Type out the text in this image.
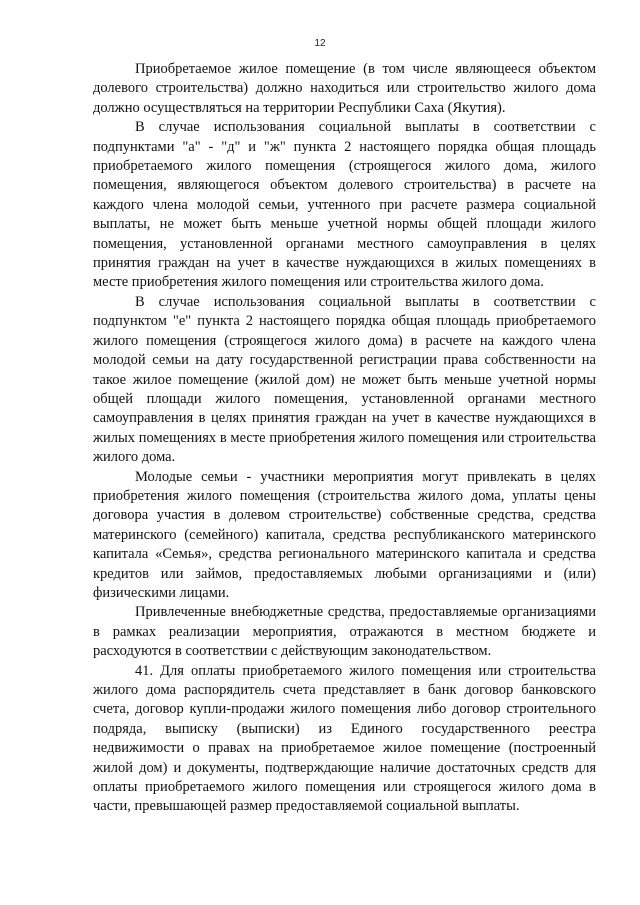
12

Приобретаемое жилое помещение (в том числе являющееся объектом долевого строительства) должно находиться или строительство жилого дома должно осуществляться на территории Республики Саха (Якутия).

В случае использования социальной выплаты в соответствии с подпунктами "а" - "д" и "ж" пункта 2 настоящего порядка общая площадь приобретаемого жилого помещения (строящегося жилого дома, жилого помещения, являющегося объектом долевого строительства) в расчете на каждого члена молодой семьи, учтенного при расчете размера социальной выплаты, не может быть меньше учетной нормы общей площади жилого помещения, установленной органами местного самоуправления в целях принятия граждан на учет в качестве нуждающихся в жилых помещениях в месте приобретения жилого помещения или строительства жилого дома.

В случае использования социальной выплаты в соответствии с подпунктом "е" пункта 2 настоящего порядка общая площадь приобретаемого жилого помещения (строящегося жилого дома) в расчете на каждого члена молодой семьи на дату государственной регистрации права собственности на такое жилое помещение (жилой дом) не может быть меньше учетной нормы общей площади жилого помещения, установленной органами местного самоуправления в целях принятия граждан на учет в качестве нуждающихся в жилых помещениях в месте приобретения жилого помещения или строительства жилого дома.

Молодые семьи - участники мероприятия могут привлекать в целях приобретения жилого помещения (строительства жилого дома, уплаты цены договора участия в долевом строительстве) собственные средства, средства материнского (семейного) капитала, средства республиканского материнского капитала «Семья», средства регионального материнского капитала и средства кредитов или займов, предоставляемых любыми организациями и (или) физическими лицами.

Привлеченные внебюджетные средства, предоставляемые организациями в рамках реализации мероприятия, отражаются в местном бюджете и расходуются в соответствии с действующим законодательством.

41. Для оплаты приобретаемого жилого помещения или строительства жилого дома распорядитель счета представляет в банк договор банковского счета, договор купли-продажи жилого помещения либо договор строительного подряда, выписку (выписки) из Единого государственного реестра недвижимости о правах на приобретаемое жилое помещение (построенный жилой дом) и документы, подтверждающие наличие достаточных средств для оплаты приобретаемого жилого помещения или строящегося жилого дома в части, превышающей размер предоставляемой социальной выплаты.
